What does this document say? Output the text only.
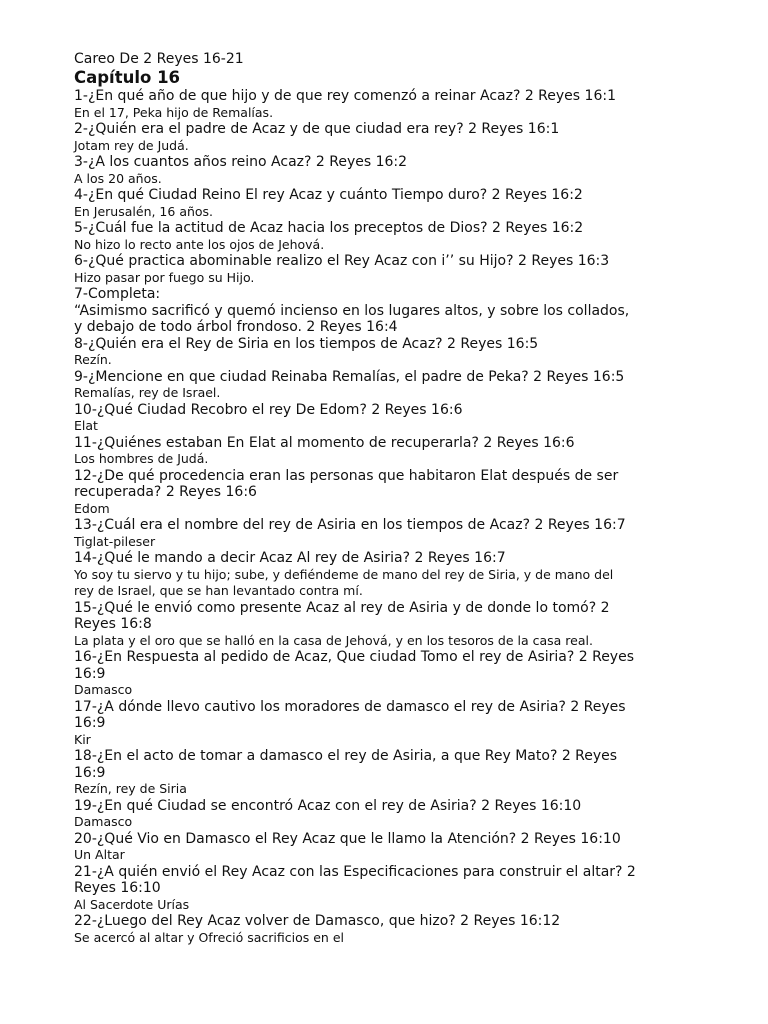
Careo De 2 Reyes 16-21

Capítulo 16

1-¿En qué año de que hijo y de que rey comenzó a reinar Acaz? 2 Reyes 16:1

En el 17, Peka hijo de Remalías.

2-¿Quién era el padre de Acaz y de que ciudad era rey? 2 Reyes 16:1

Jotam rey de Judá.

3-¿A los cuantos años reino Acaz? 2 Reyes 16:2

A los 20 años.

4-¿En qué Ciudad Reino El rey Acaz y cuánto Tiempo duro? 2 Reyes 16:2

En Jerusalén, 16 años.

5-¿Cuál fue la actitud de Acaz hacia los preceptos de Dios? 2 Reyes 16:2

No hizo lo recto ante los ojos de Jehová.

6-¿Qué practica abominable realizo el Rey Acaz con i’’ su Hijo? 2 Reyes 16:3

Hizo pasar por fuego su Hijo.

7-Completa:

“Asimismo sacrificó y quemó incienso en los lugares altos, y sobre los collados,

y debajo de todo árbol frondoso. 2 Reyes 16:4

8-¿Quién era el Rey de Siria en los tiempos de Acaz? 2 Reyes 16:5

Rezín.

9-¿Mencione en que ciudad Reinaba Remalías, el padre de Peka? 2 Reyes 16:5

Remalías, rey de Israel.

10-¿Qué Ciudad Recobro el rey De Edom? 2 Reyes 16:6

Elat

11-¿Quiénes estaban En Elat al momento de recuperarla? 2 Reyes 16:6

Los hombres de Judá.

12-¿De qué procedencia eran las personas que habitaron Elat después de ser

recuperada? 2 Reyes 16:6

Edom

13-¿Cuál era el nombre del rey de Asiria en los tiempos de Acaz? 2 Reyes 16:7

Tiglat-pileser

14-¿Qué le mando a decir Acaz Al rey de Asiria? 2 Reyes 16:7

Yo soy tu siervo y tu hijo; sube, y defiéndeme de mano del rey de Siria, y de mano del

rey de Israel, que se han levantado contra mí.

15-¿Qué le envió como presente Acaz al rey de Asiria y de donde lo tomó? 2

Reyes 16:8

La plata y el oro que se halló en la casa de Jehová, y en los tesoros de la casa real.

16-¿En Respuesta al pedido de Acaz, Que ciudad Tomo el rey de Asiria? 2 Reyes

16:9

Damasco

17-¿A dónde llevo cautivo los moradores de damasco el rey de Asiria? 2 Reyes

16:9

Kir

18-¿En el acto de tomar a damasco el rey de Asiria, a que Rey Mato? 2 Reyes

16:9

Rezín, rey de Siria

19-¿En qué Ciudad se encontró Acaz con el rey de Asiria? 2 Reyes 16:10

Damasco

20-¿Qué Vio en Damasco el Rey Acaz que le llamo la Atención? 2 Reyes 16:10

Un Altar

21-¿A quién envió el Rey Acaz con las Especificaciones para construir el altar? 2

Reyes 16:10

Al Sacerdote Urías

22-¿Luego del Rey Acaz volver de Damasco, que hizo? 2 Reyes 16:12

Se acercó al altar y Ofreció sacrificios en el
